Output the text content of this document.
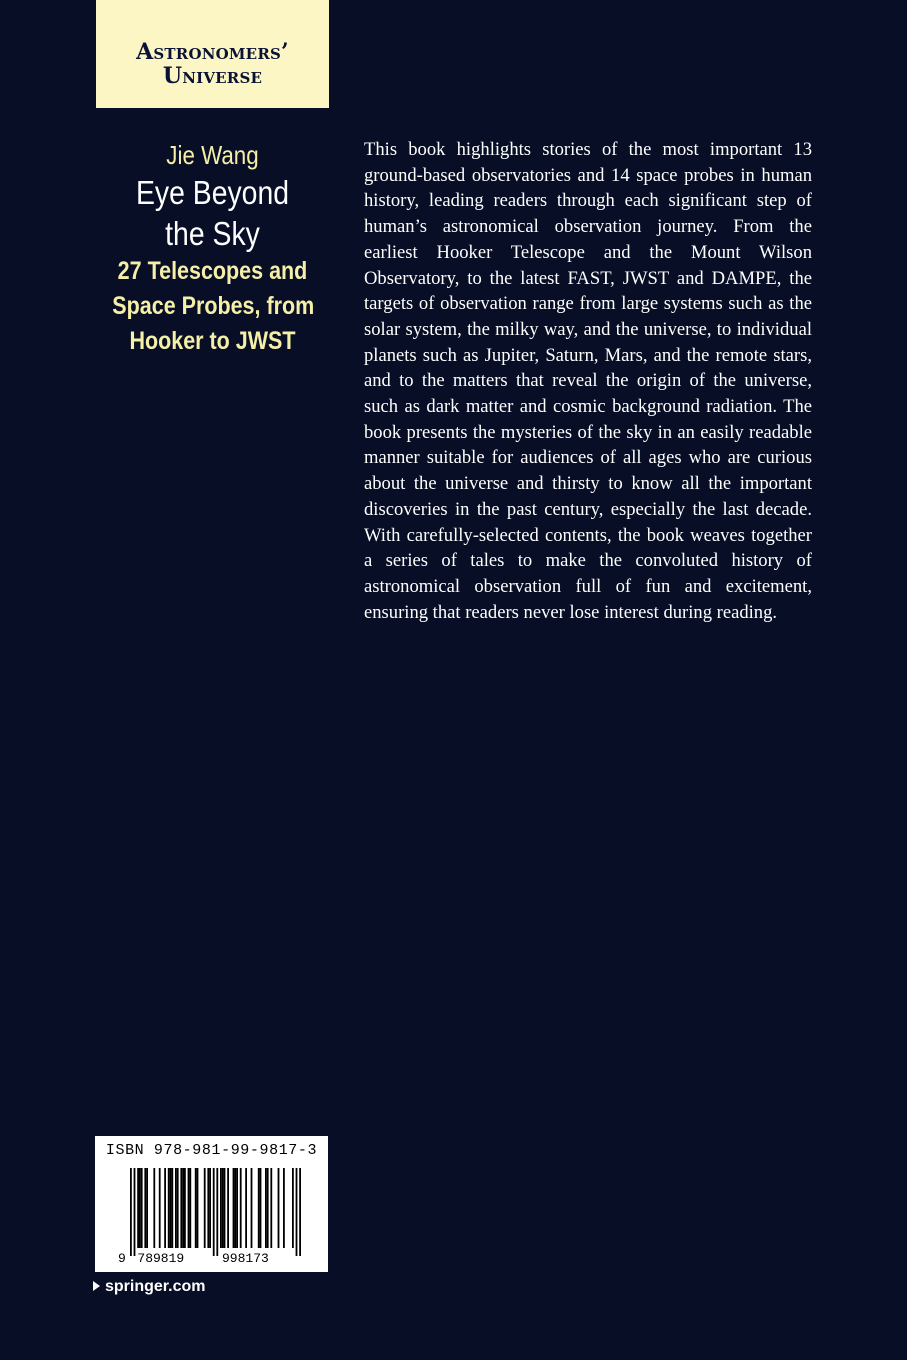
Astronomers’
Universe
Jie Wang
Eye Beyond
the Sky
27 Telescopes and
Space Probes, from
Hooker to JWST

This book highlights stories of the most important 13 ground-based observatories and 14 space probes in human history, leading readers through each significant step of human’s astronomical observation journey. From the earliest Hooker Telescope and the Mount Wilson Observatory, to the latest FAST, JWST and DAMPE, the targets of observation range from large systems such as the solar system, the milky way, and the universe, to individual planets such as Jupiter, Saturn, Mars, and the remote stars, and to the matters that reveal the origin of the universe, such as dark matter and cosmic background radiation. The book presents the mysteries of the sky in an easily readable manner suitable for audiences of all ages who are curious about the universe and thirsty to know all the important discoveries in the past century, especially the last decade. With carefully-selected contents, the book weaves together a series of tales to make the convoluted history of astronomical observation full of fun and excitement, ensuring that readers never lose interest during reading.

ISBN 978-981-99-9817-3
9 789819	998173
springer.com
